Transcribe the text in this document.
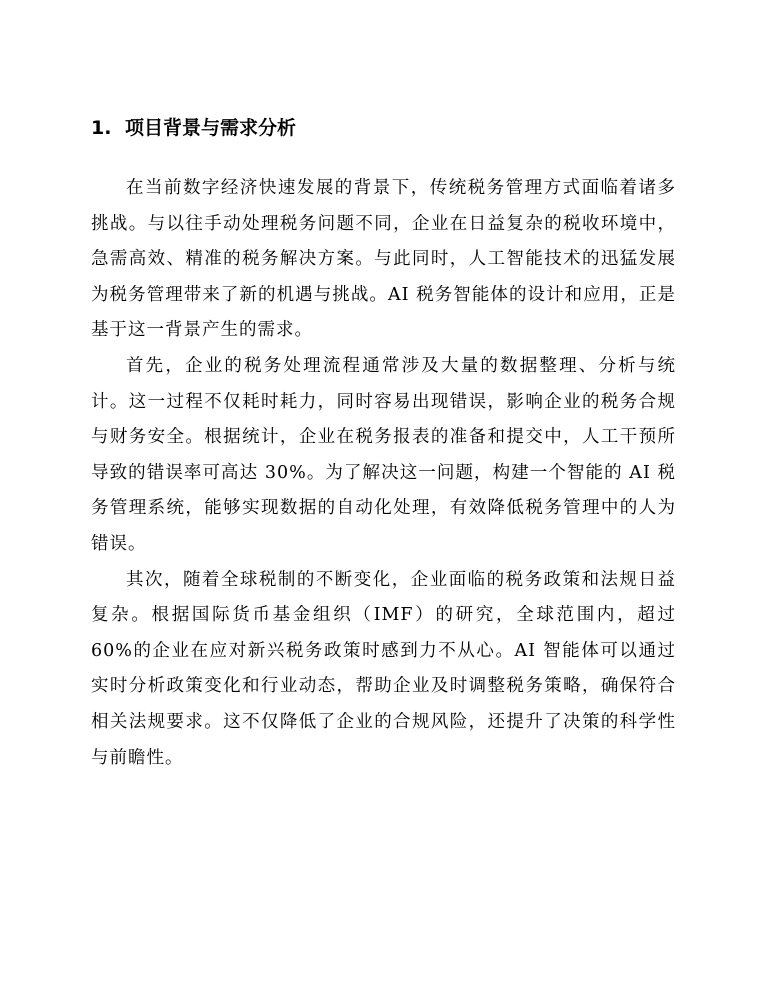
1. 项目背景与需求分析

在当前数字经济快速发展的背景下，传统税务管理方式面临着诸多挑战。与以往手动处理税务问题不同，企业在日益复杂的税收环境中，急需高效、精准的税务解决方案。与此同时，人工智能技术的迅猛发展为税务管理带来了新的机遇与挑战。AI 税务智能体的设计和应用，正是基于这一背景产生的需求。

首先，企业的税务处理流程通常涉及大量的数据整理、分析与统计。这一过程不仅耗时耗力，同时容易出现错误，影响企业的税务合规与财务安全。根据统计，企业在税务报表的准备和提交中，人工干预所导致的错误率可高达 30%。为了解决这一问题，构建一个智能的 AI 税务管理系统，能够实现数据的自动化处理，有效降低税务管理中的人为错误。

其次，随着全球税制的不断变化，企业面临的税务政策和法规日益复杂。根据国际货币基金组织（IMF）的研究，全球范围内，超过 60%的企业在应对新兴税务政策时感到力不从心。AI 智能体可以通过实时分析政策变化和行业动态，帮助企业及时调整税务策略，确保符合相关法规要求。这不仅降低了企业的合规风险，还提升了决策的科学性与前瞻性。
